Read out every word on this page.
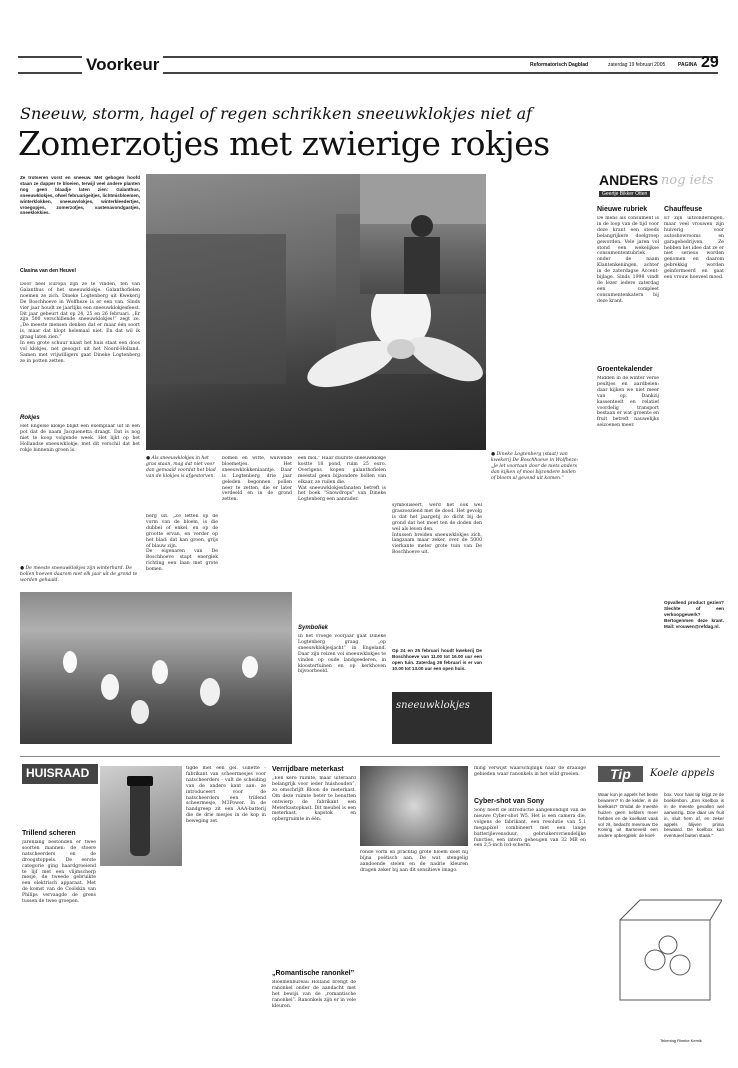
Voorkeur	Reformatorisch Dagblad	zaterdag 19 februari 2005	PAGINA 29
Sneeuw, storm, hagel of regen schrikken sneeuwklokjes niet af
Zomerzotjes met zwierige rokjes
Ze trotseren vorst en sneeuw. Met gebogen hoofd staan ze dapper te bloeien, terwijl veel andere planten nog geen blaadje laten zien: Galanthus, sneeuwklokjes, ofwel februarigeitjes, lichtmisbloemen, winterklokken, sneeuwvlokjes, winterkleedertjes, vroegopjes, zomerzotjes, vastenavondgastjes, sneeklokkies.
Clasina van den Heuvel
Door heel Europa zijn ze te vinden, ten van Galanthus of het sneeuwklokje. Galanthofielen noemen ze zich. Dineke Logtenberg uit Kwekerij De Boschhoeve in Wolfheze is er een van. Sinds vier jaar houdt ze jaarlijks een sneeuwklokjesfeest. Dit jaar gebeurt dat op 24, 25 en 26 februari. „Er zijn 500 verschillende sneeuwklokjes!” zegt ze. „De meeste mensen denken dat er maar één soort is, maar dat klopt helemaal niet. En dat wil ik graag laten zien.”
In een grote schuur naast het huis staat een doos vol klokjes, net geoogst uit het Noord-Holland. Samen met vrijwilligers gaat Dineke Logtenberg ze in potten zetten.
Rokjes
Het Engelse klokje blijkt één exemplaar uit in een pot dat de naam Jacquenetta draagt. Dat is nog niet te koop volgende week. Het lijkt op het Hollandse sneeuwklokje, met dit verschil dat het rokje binnenin groen is.
● De meeste sneeuwklokjes zijn winterhard. De bollen hoeven daarom niet elk jaar uit de grond te worden gehaald.
● Dineke Logtenberg (staat) van kwekerij De Boschhoeve in Wolfheze: „Je let voortaan door de niets anders dan kijken of mooi bijzondere bollen of bloem al gevond uit komen.”
● Als sneeuwklokjes in het gras staan, mag dat niet voor dan gemaaid voordat het blad van de klokjes is afgestorven.
berg uit. „Ze letten op de vorm van de bloem, is die dubbel of enkel, en op de grootte ervan, en verder op het blad: dat kan groen, grijs of blauw zijn.
De eigenaren van De Boschhoeve stapt energiek richting een laan met grote bomen.
bomen en witte, wuivende bloemetjes. Het sneeuwklokkenlaantje. Daar is Logtenberg drie jaar geleden begonnen pollen neer te zetten, die er later verdeeld en in de grond zetten.
een mol.” Haar duurste sneeuwklokje kostte 18 pond, ruim 25 euro. Overigens kopen galanthofielen meestal geen bijzondere bollen van elkaar, ze ruilen die.
Wat sneeuwklokjesfanaten betreft is het boek “Snowdrops” van Dineke Logtenberg een aanrader.
Symboliek
In het vroege voorjaar gaat Dineke Logtenberg graag „op sneeuwklokjesjacht” in Engeland. Daar zijn reizen vol sneeuwklokjes te vinden op oude landgoederen, in kloostertuinen en op kerkhoven bijvoorbeeld.
symboliseert, werd het ook wel graszoeziend met de dood. Het gevolg is dat het jaargetij zo dicht bij de grond dat het moet ten de doden den wel als leven den.
Intussen breiden sneeuwklokjes zich, langzaam maar zeker, over de 5000 vierkante meter grote tuin van De Boschhoeve uit.
Op 24 en 25 februari houdt kwekerij De Boschhoeve van 11.00 tot 16.00 uur een open tuin. Zaterdag 26 februari is er van 10.00 tot 13.00 uur een open huis.
sneeuwklokjes
ANDERS nog iets
Geertje Bikker Otten
Nieuwe rubriek
De mens als consument is in de loop van de tijd voor deze krant een steeds belangrijkere doelgroep geworden. Vele jaren vol stond een wekelijkse consumententubriek onder de naam Klantenkeningen, achter in de zaterdagse Accent-bijlage. Sinds 1998 vindt de lezer iedere zaterdag een compleet consumentenkatern bij deze krant.
Groentekalender
Midden in de winter verse peultjes en aardbeien: daar kijken we niet meer van op. Dankzij kassenteelt en relatief voordelig transport bestaan er wat groente en fruit betreft nauwelijks seizoenen meer.
Chauffeuse
Er zijn uitzonderingen, maar veel vrouwen zijn huiverig voor autoshowrooms en garagebedrijven. Ze hebben het idee dat ze er niet serieus worden genomen en daarom gebrekkig worden geïnformeerd en gaat een vrouw hoeveel moed.
Opvallend product gezien? Slechte of een verkoopgewerk? Bertogenmen deze krant. Mail: vrouwen@refdag.nl.
Tip	Koele appels
Waar kun je appels het beste bewaren? In de kelder, in de koelkast? Omdat de meeste huizen geen kelders meer hebben en de koelkast vaak vol zit, bedacht mevrouw De Koning uit Barneveld een andere opbergplek: de koel-
box. Voor haar tip krijgt ze de boekenbon. „Een koelbox is in de meeste gevallen wel aanwezig. Doe daar uw fruit in, sluit hem af, en zeker appels blijven prima bewaard. De koelbox kan eventueel buiten staan.”
Tekening Rineke Kemik
HUISRAAD
Trillend scheren
Jarenlang bestonden er twee soorten mannen: de stoere natscheerders en de droogstoppels. De eerste categorie ging haardgroeiend te lijf met een vlijmscherp mesje, de tweede gebruikte een elektrisch apparaat. Met de komst van de Coolskin van Philips vervaagde de grens tussen de twee groepen.
tigde met een gel. Gillette - fabrikant van scheermesjes voor natscheerders - vult de scheiding van de andere kant aan: ze introduceert voor de natscheerders een trillend scheermesje, M3Power. In de handgreep zit een AAA-batterij die de drie mesjes in de kop in beweging zet.
Verrijdbare meterkast
„Een kere ruimte, maar uiteraard belangrijk voor ieder huishouden”, zo omschrijft Bloon de meterkast. Om deze ruimte beter te benutten ontwierp de fabrikant een Meterkastopkast. Dit meubel is een meterkast, kapstok en opbergruimte in één.
„Romantische ranonkel”
Bloemenbureau Holland brengt de ranonkel onder de aandacht met het bewijs van de „romantische ranonkel”. Ranonkels zijn er in vele kleuren.
ronde vorm en prachtig grote bloem doet hij bijna poëtisch aan. De wat stengelig aandoende stelen en de nadrie kleuren dragen zeker bij aan dit sensitieve imago.
ming verwijst waarschijnlijk naar de draaiige gebieden waar ranonkels in het wild groeien.
Cyber-shot van Sony
Sony heeft de introductie aangekondigd van de nieuwe Cyber-shot W5. Het is een camera die, volgens de fabrikant, een resolutie van 5.1 megapixel combineert met een lange batterijlevensduur, gebruikersvriendelijke functies, een intern geheugen van 32 MB en een 2,5-inch lcd-scherm.
